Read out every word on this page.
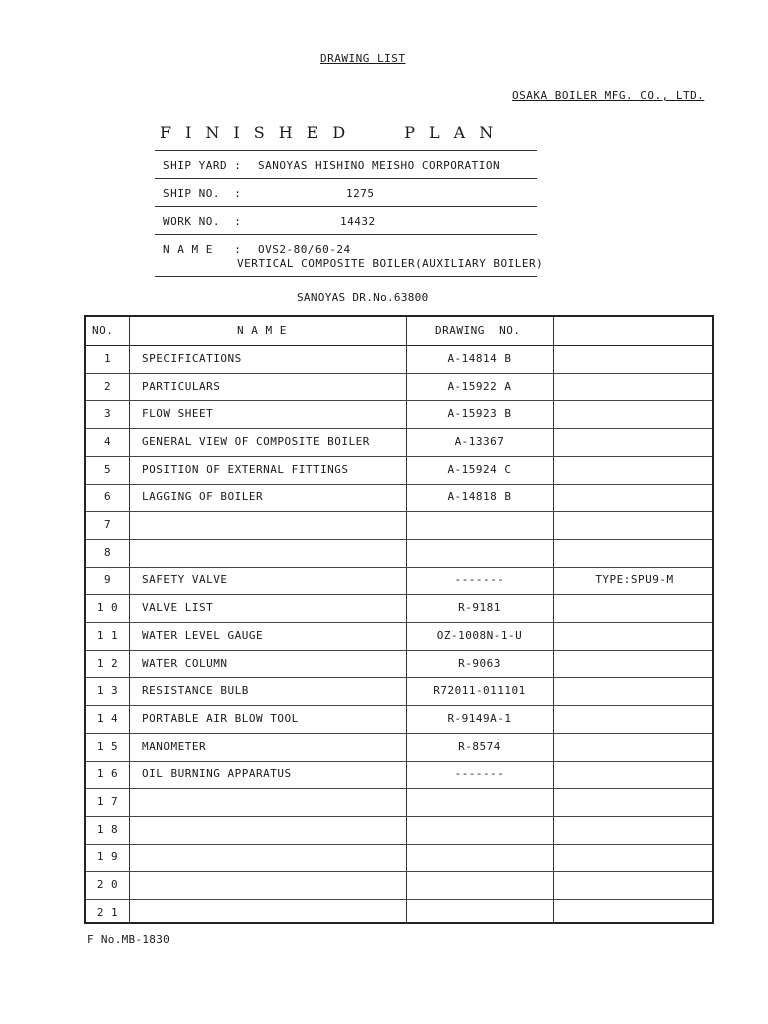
DRAWING LIST
OSAKA BOILER MFG. CO., LTD.
FINISHED PLAN
SHIP YARD : SANOYAS HISHINO MEISHO CORPORATION
SHIP NO.  :	1275
WORK NO.  :	14432
N A M E   : OVS2-80/60-24
VERTICAL COMPOSITE BOILER(AUXILIARY BOILER)
SANOYAS DR.No.63800
NO.	N A M E	DRAWING  NO.
1	SPECIFICATIONS	A-14814 B
2	PARTICULARS	A-15922 A
3	FLOW SHEET	A-15923 B
4	GENERAL VIEW OF COMPOSITE BOILER	A-13367
5	POSITION OF EXTERNAL FITTINGS	A-15924 C
6	LAGGING OF BOILER	A-14818 B
7
8
9	SAFETY VALVE	-------	TYPE:SPU9-M
1 0	VALVE LIST	R-9181
1 1	WATER LEVEL GAUGE	OZ-1008N-1-U
1 2	WATER COLUMN	R-9063
1 3	RESISTANCE BULB	R72011-011101
1 4	PORTABLE AIR BLOW TOOL	R-9149A-1
1 5	MANOMETER	R-8574
1 6	OIL BURNING APPARATUS	-------
1 7
1 8
1 9
2 0
2 1
F No.MB-1830
